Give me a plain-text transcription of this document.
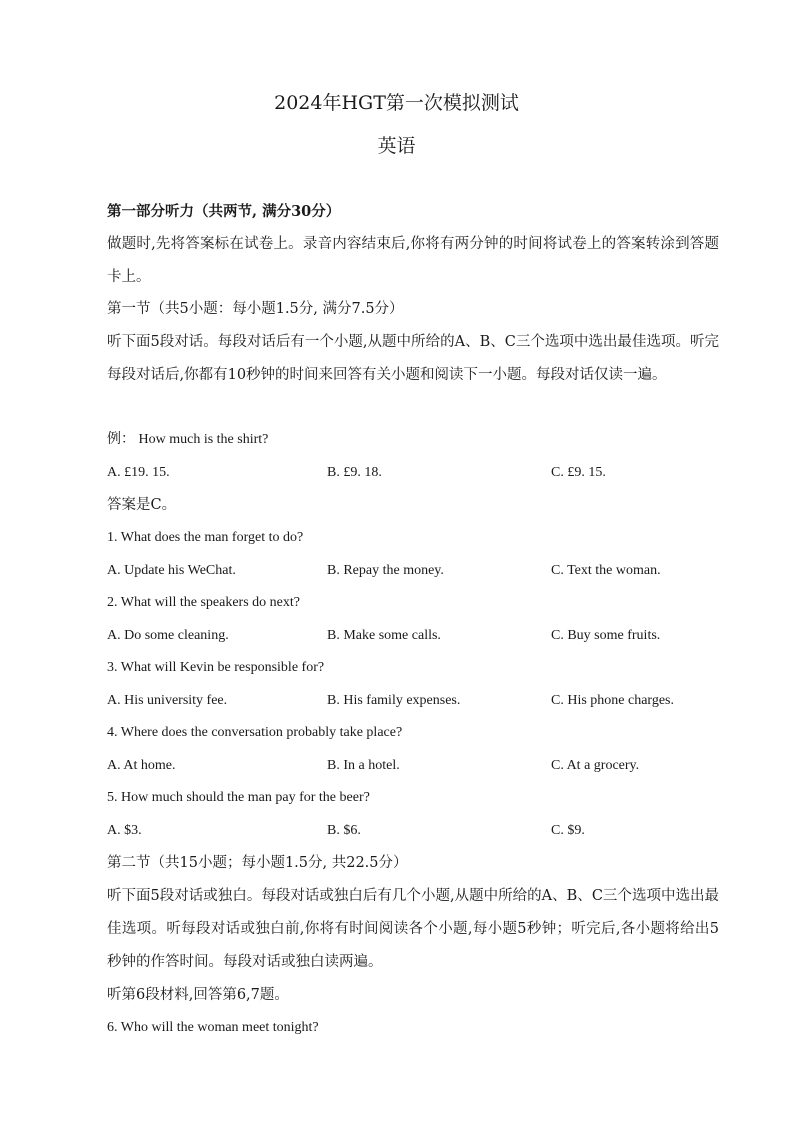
2024年HGT第一次模拟测试
英语
第一部分听力（共两节, 满分30分）
做题时,先将答案标在试卷上。录音内容结束后,你将有两分钟的时间将试卷上的答案转涂到答题卡上。
第一节（共5小题：每小题1.5分, 满分7.5分）
听下面5段对话。每段对话后有一个小题,从题中所给的A、B、C三个选项中选出最佳选项。听完每段对话后,你都有10秒钟的时间来回答有关小题和阅读下一小题。每段对话仅读一遍。
例： How much is the shirt?
A. £19. 15.	B. £9. 18.	C. £9. 15.
答案是C。
1. What does the man forget to do?
A. Update his WeChat.	B. Repay the money.	C. Text the woman.
2. What will the speakers do next?
A. Do some cleaning.	B. Make some calls.	C. Buy some fruits.
3. What will Kevin be responsible for?
A. His university fee.	B. His family expenses.	C. His phone charges.
4. Where does the conversation probably take place?
A. At home.	B. In a hotel.	C. At a grocery.
5. How much should the man pay for the beer?
A. $3.	B. $6.	C. $9.
第二节（共15小题；每小题1.5分, 共22.5分）
听下面5段对话或独白。每段对话或独白后有几个小题,从题中所给的A、B、C三个选项中选出最佳选项。听每段对话或独白前,你将有时间阅读各个小题,每小题5秒钟；听完后,各小题将给出5秒钟的作答时间。每段对话或独白读两遍。
听第6段材料,回答第6,7题。
6. Who will the woman meet tonight?
